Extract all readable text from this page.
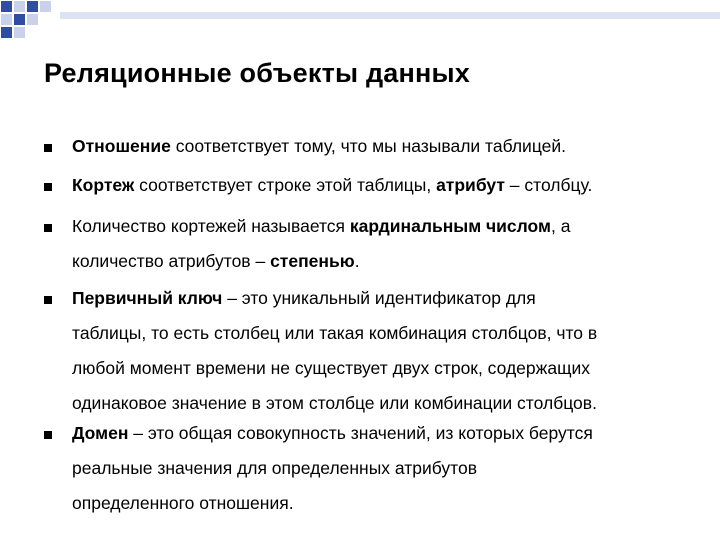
Реляционные объекты данных
Отношение соответствует тому, что мы называли таблицей.
Кортеж соответствует строке этой таблицы, атрибут – столбцу.
Количество кортежей называется кардинальным числом, а
количество атрибутов – степенью.
Первичный ключ – это уникальный идентификатор для
таблицы, то есть столбец или такая комбинация столбцов, что в
любой момент времени не существует двух строк, содержащих
одинаковое значение в этом столбце или комбинации столбцов.
Домен – это общая совокупность значений, из которых берутся
реальные значения для определенных атрибутов
определенного отношения.
